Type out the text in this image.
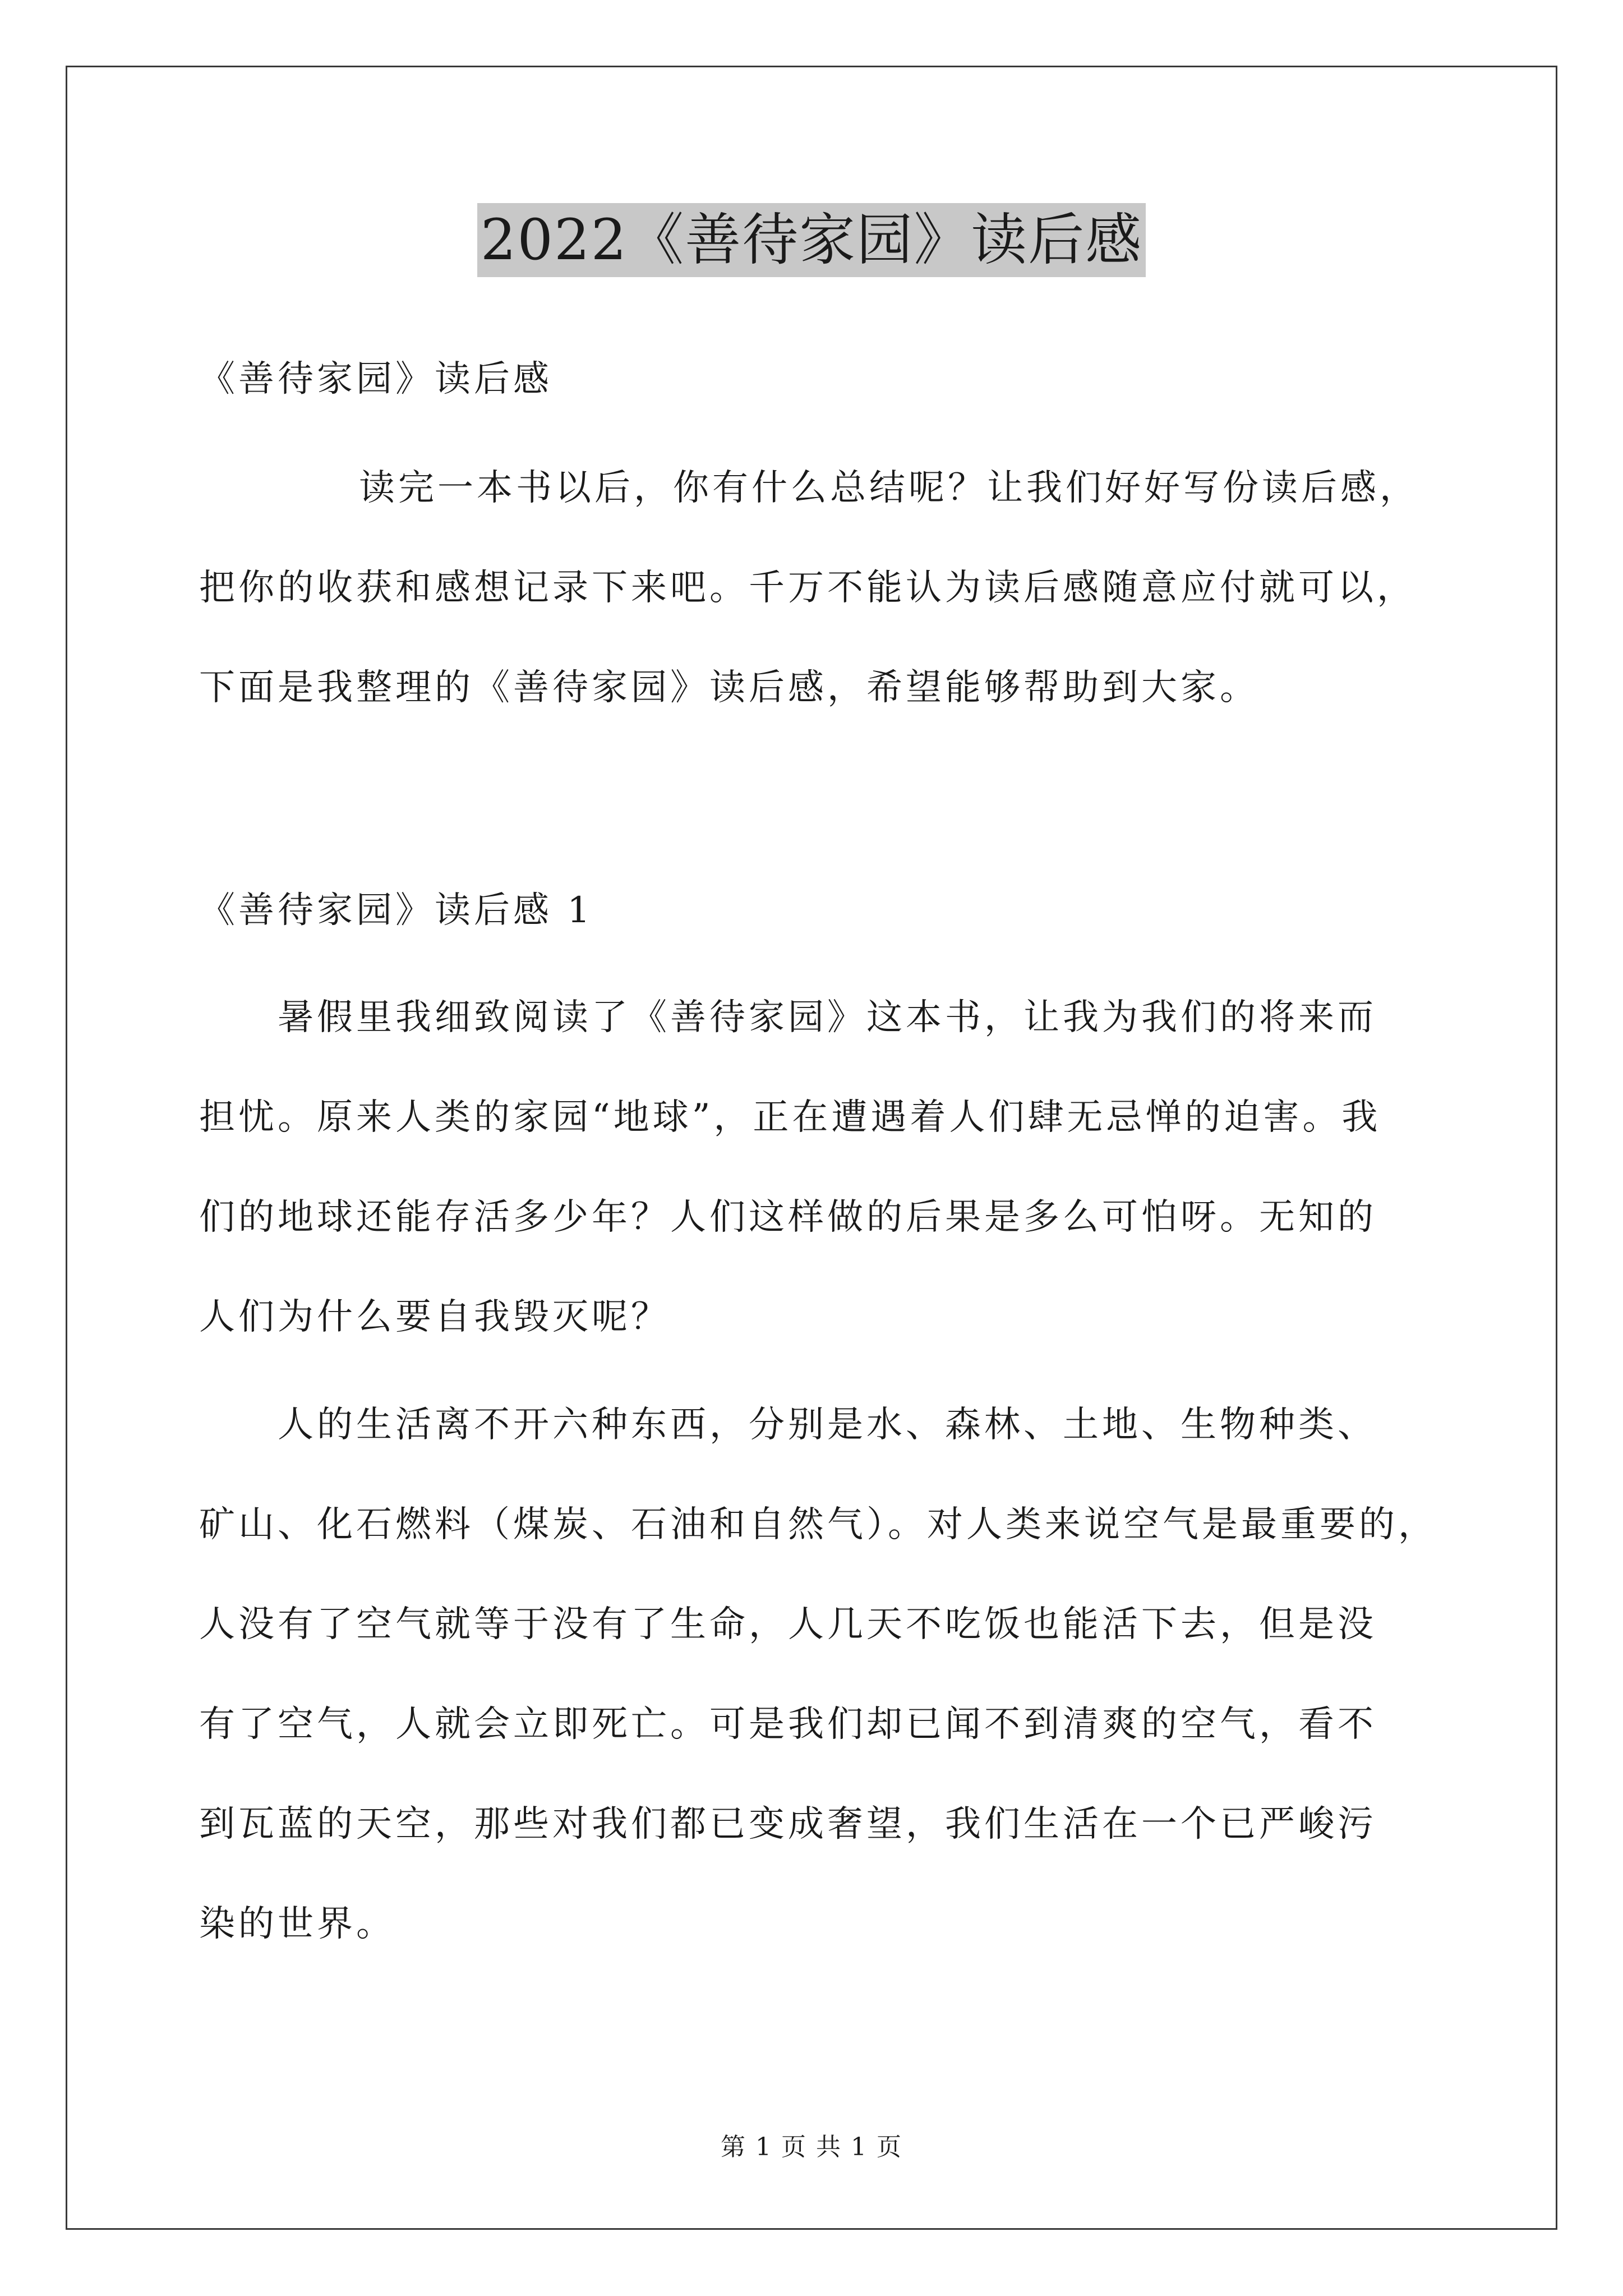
2022《善待家园》读后感
《善待家园》读后感
读完一本书以后，你有什么总结呢？让我们好好写份读后感，
把你的收获和感想记录下来吧。千万不能认为读后感随意应付就可以，
下面是我整理的《善待家园》读后感，希望能够帮助到大家。
《善待家园》读后感 1
暑假里我细致阅读了《善待家园》这本书，让我为我们的将来而
担忧。原来人类的家园“地球”，正在遭遇着人们肆无忌惮的迫害。我
们的地球还能存活多少年？人们这样做的后果是多么可怕呀。无知的
人们为什么要自我毁灭呢？
人的生活离不开六种东西，分别是水、森林、土地、生物种类、
矿山、化石燃料（煤炭、石油和自然气）。对人类来说空气是最重要的，
人没有了空气就等于没有了生命，人几天不吃饭也能活下去，但是没
有了空气，人就会立即死亡。可是我们却已闻不到清爽的空气，看不
到瓦蓝的天空，那些对我们都已变成奢望，我们生活在一个已严峻污
染的世界。
第 1 页 共 1 页
